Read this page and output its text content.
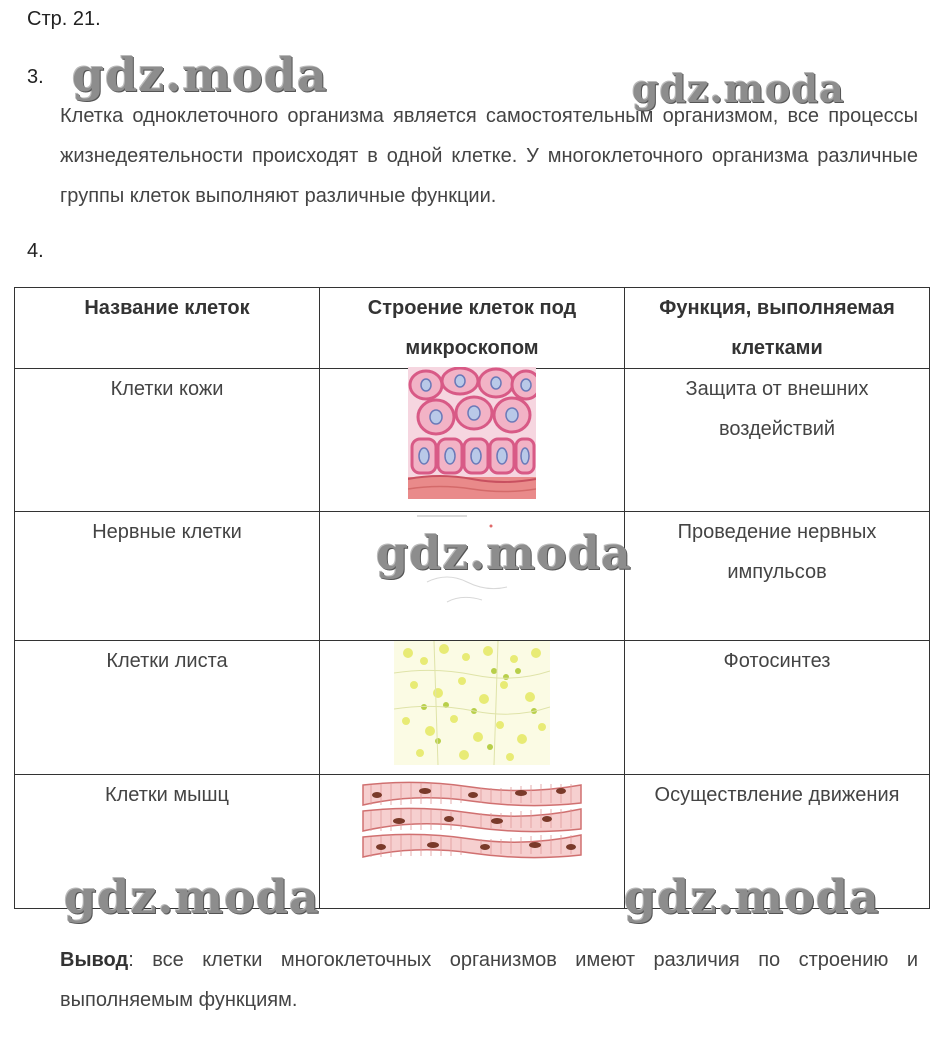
Стр. 21.
3.
Клетка одноклеточного организма является самостоятельным организмом, все процессы жизнедеятельности происходят в одной клетке. У многоклеточного организма различные группы клеток выполняют различные функции.
4.
Название клеток	Строение клеток под микроскопом	Функция, выполняемая клетками
Клетки кожи		Защита от внешних воздействий
Нервные клетки		Проведение нервных импульсов
Клетки листа		Фотосинтез
Клетки мышц		Осуществление движения
Вывод: все клетки многоклеточных организмов имеют различия по строению и выполняемым функциям.
gdz.moda	gdz.moda
gdz.moda
gdz.moda	gdz.moda
